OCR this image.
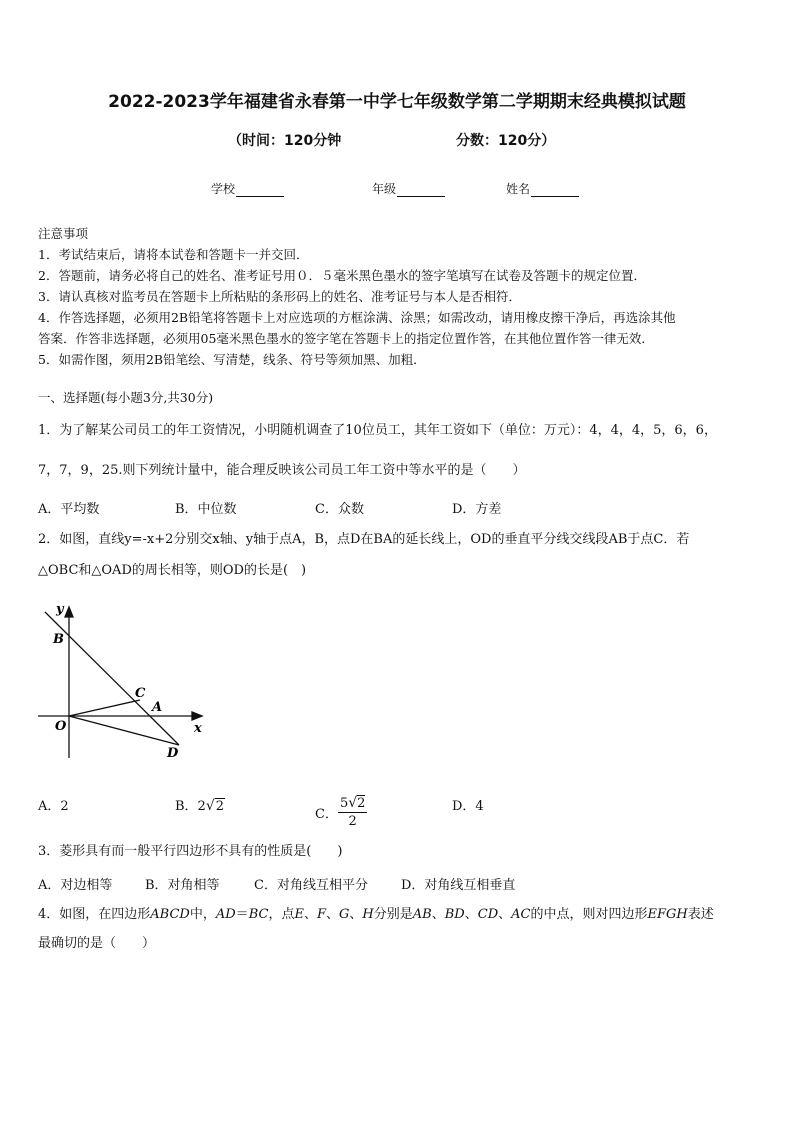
2022-2023学年福建省永春第一中学七年级数学第二学期期末经典模拟试题
（时间：120分钟	分数：120分）
学校	年级	姓名

注意事项

1．考试结束后，请将本试卷和答题卡一并交回．

2．答题前，请务必将自己的姓名、准考证号用０．５毫米黑色墨水的签字笔填写在试卷及答题卡的规定位置．

3．请认真核对监考员在答题卡上所粘贴的条形码上的姓名、准考证号与本人是否相符．

4．作答选择题，必须用2B铅笔将答题卡上对应选项的方框涂满、涂黑；如需改动，请用橡皮擦干净后，再选涂其他

答案．作答非选择题，必须用05毫米黑色墨水的签字笔在答题卡上的指定位置作答，在其他位置作答一律无效．

5．如需作图，须用2B铅笔绘、写清楚，线条、符号等须加黑、加粗．

一、选择题(每小题3分,共30分)
1．为了解某公司员工的年工资情况，小明随机调查了10位员工，其年工资如下（单位：万元）：4，4，4，5，6，6，
7，7，9，25.则下列统计量中，能合理反映该公司员工年工资中等水平的是（　　）
A．平均数	B．中位数	C．众数	D．方差
2．如图，直线y=-x+2分别交x轴、y轴于点A，B，点D在BA的延长线上，OD的垂直平分线交线段AB于点C．若
△OBC和△OAD的周长相等，则OD的长是(　)
y
x
B
O
C
A
D
A．2	B．2√2
C． $\frac{5√2}{2}$	D．4
3．菱形具有而一般平行四边形不具有的性质是(　　)
A．对边相等	B．对角相等	C．对角线互相平分	D．对角线互相垂直
4．如图，在四边形ABCD中，AD＝BC，点E、F、G、H分别是AB、BD、CD、AC的中点，则对四边形EFGH表述
最确切的是（　　）
